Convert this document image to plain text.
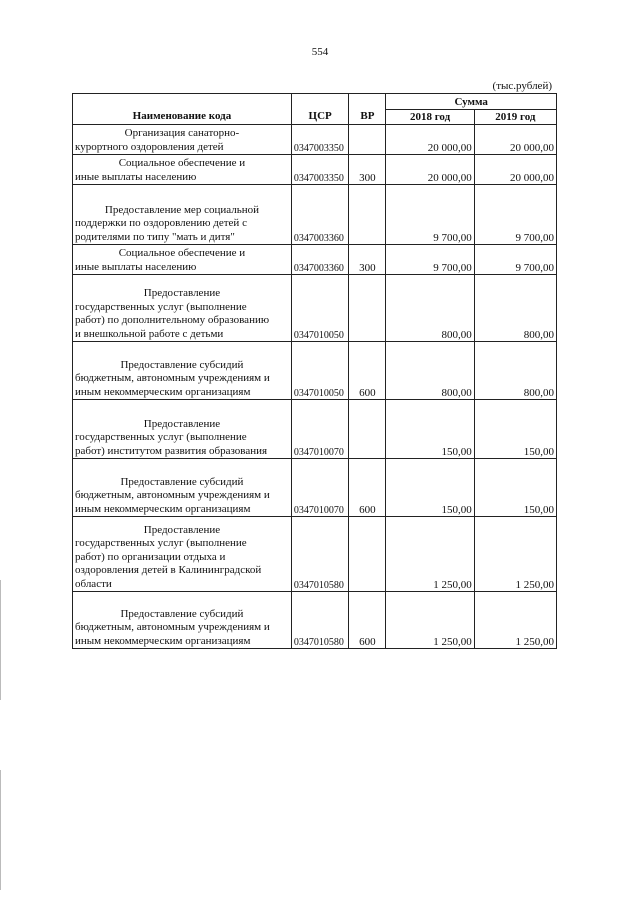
554
(тыс.рублей)
Наименование кода	ЦСР	ВР	Сумма	
			2018 год	2019 год

Организация санаторно-
курортного оздоровления детей	0347003350		20 000,00	20 000,00

Социальное обеспечение и
иные выплаты населению	0347003350	300	20 000,00	20 000,00

Предоставление мер социальной
поддержки по оздоровлению детей с
родителями по типу "мать и дитя"	0347003360		9 700,00	9 700,00

Социальное обеспечение и
иные выплаты населению	0347003360	300	9 700,00	9 700,00

Предоставление
государственных услуг (выполнение
работ) по дополнительному образованию
и внешкольной работе с детьми	0347010050		800,00	800,00

Предоставление субсидий
бюджетным, автономным учреждениям и
иным некоммерческим организациям	0347010050	600	800,00	800,00

Предоставление
государственных услуг (выполнение
работ) институтом развития образования	0347010070		150,00	150,00

Предоставление субсидий
бюджетным, автономным учреждениям и
иным некоммерческим организациям	0347010070	600	150,00	150,00

Предоставление
государственных услуг (выполнение
работ) по организации отдыха и
оздоровления детей в Калининградской
области	0347010580		1 250,00	1 250,00

Предоставление субсидий
бюджетным, автономным учреждениям и
иным некоммерческим организациям	0347010580	600	1 250,00	1 250,00
